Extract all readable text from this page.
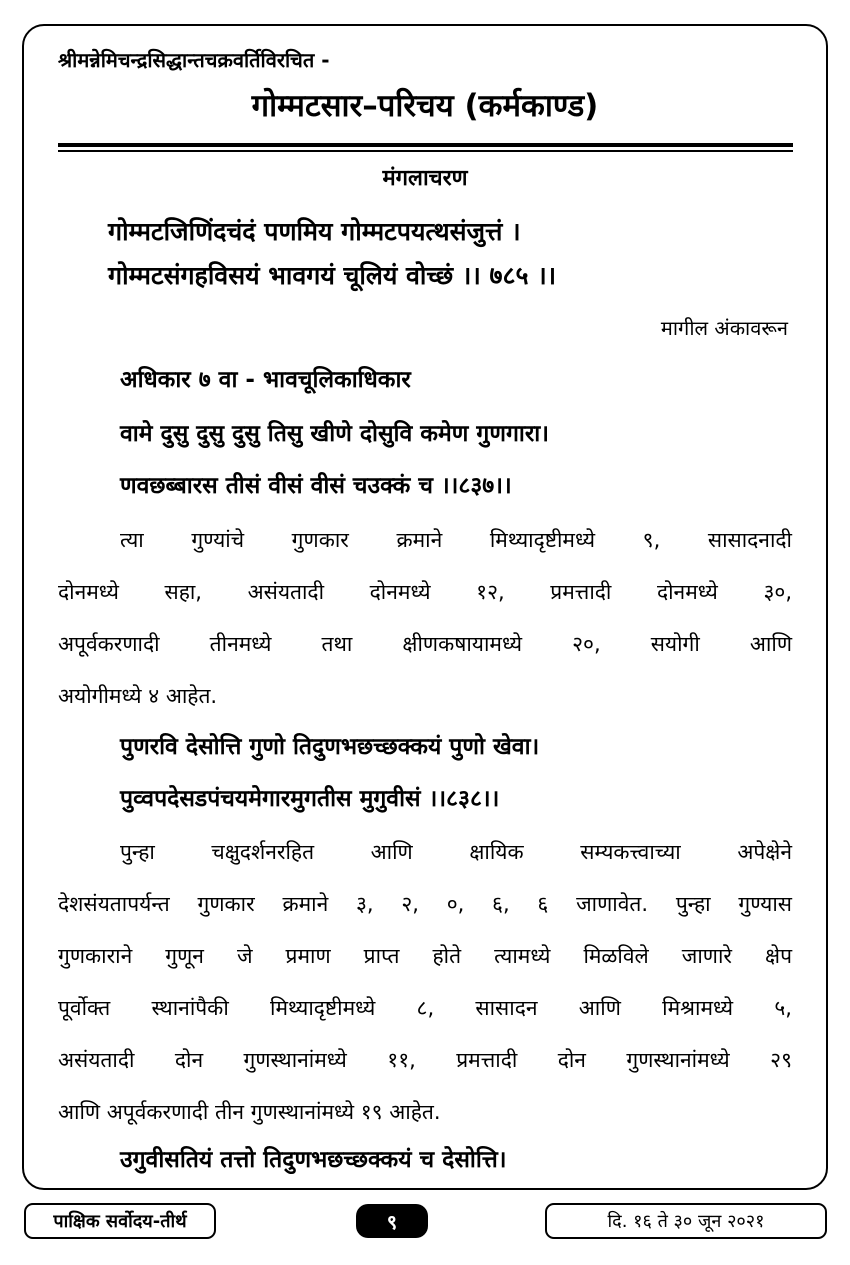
श्रीमन्नेमिचन्द्रसिद्धान्तचक्रवर्तिविरचित -
गोम्मटसार–परिचय (कर्मकाण्ड)
मंगलाचरण
गोम्मटजिणिंदचंदं पणमिय गोम्मटपयत्थसंजुत्तं ।
गोम्मटसंगहविसयं भावगयं चूलियं वोच्छं ।। ७८५ ।।
मागील अंकावरून
अधिकार ७ वा - भावचूलिकाधिकार
वामे दुसु दुसु दुसु तिसु खीणे दोसुवि कमेण गुणगारा।
णवछब्बारस तीसं वीसं वीसं चउक्कं च ।।८३७।।
त्या गुण्यांचे गुणकार क्रमाने मिथ्यादृष्टीमध्ये ९, सासादनादी
दोनमध्ये सहा, असंयतादी दोनमध्ये १२, प्रमत्तादी दोनमध्ये ३०,
अपूर्वकरणादी तीनमध्ये तथा क्षीणकषायामध्ये २०, सयोगी आणि
अयोगीमध्ये ४ आहेत.
पुणरवि देसोत्ति गुणो तिदुणभछच्छक्कयं पुणो खेवा।
पुव्वपदेसडपंचयमेगारमुगतीस मुगुवीसं ।।८३८।।
पुन्हा चक्षुदर्शनरहित आणि क्षायिक सम्यकत्त्वाच्या अपेक्षेने
देशसंयतापर्यन्त गुणकार क्रमाने ३, २, ०, ६, ६ जाणावेत. पुन्हा गुण्यास
गुणकाराने गुणून जे प्रमाण प्राप्त होते त्यामध्ये मिळविले जाणारे क्षेप
पूर्वोक्त स्थानांपैकी मिथ्यादृष्टीमध्ये ८, सासादन आणि मिश्रामध्ये ५,
असंयतादी दोन गुणस्थानांमध्ये ११, प्रमत्तादी दोन गुणस्थानांमध्ये २९
आणि अपूर्वकरणादी तीन गुणस्थानांमध्ये १९ आहेत.
उगुवीसतियं तत्तो तिदुणभछच्छक्कयं च देसोत्ति।
पाक्षिक सर्वोदय-तीर्थ	९	दि. १६ ते ३० जून २०२१
